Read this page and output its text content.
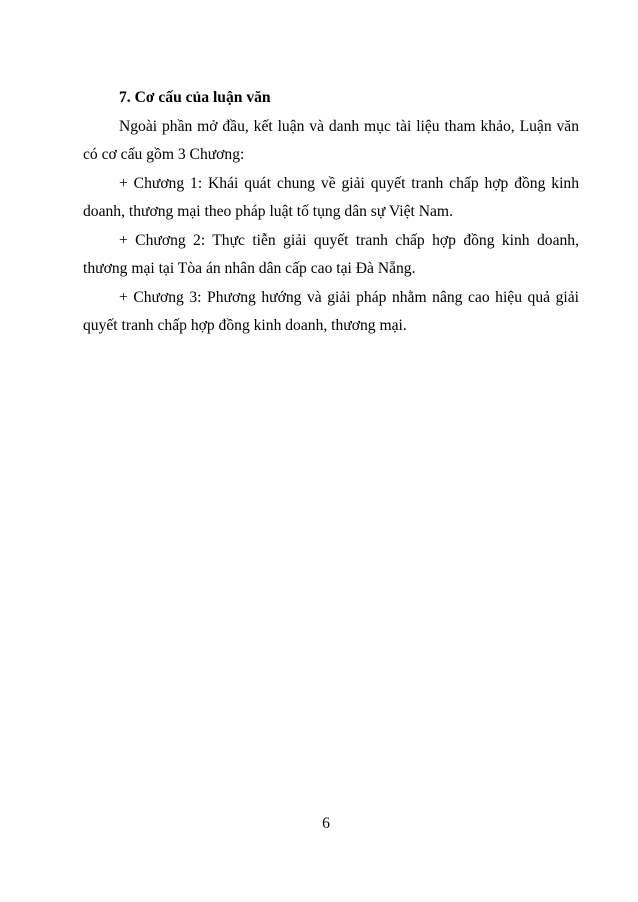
7. Cơ cấu của luận văn

Ngoài phần mở đầu, kết luận và danh mục tài liệu tham khảo, Luận văn có cơ cấu gồm 3 Chương:

+ Chương 1: Khái quát chung về giải quyết tranh chấp hợp đồng kinh doanh, thương mại theo pháp luật tố tụng dân sự Việt Nam.

+ Chương 2: Thực tiễn giải quyết tranh chấp hợp đồng kinh doanh, thương mại tại Tòa án nhân dân cấp cao tại Đà Nẵng.

+ Chương 3: Phương hướng và giải pháp nhằm nâng cao hiệu quả giải quyết tranh chấp hợp đồng kinh doanh, thương mại.

6
